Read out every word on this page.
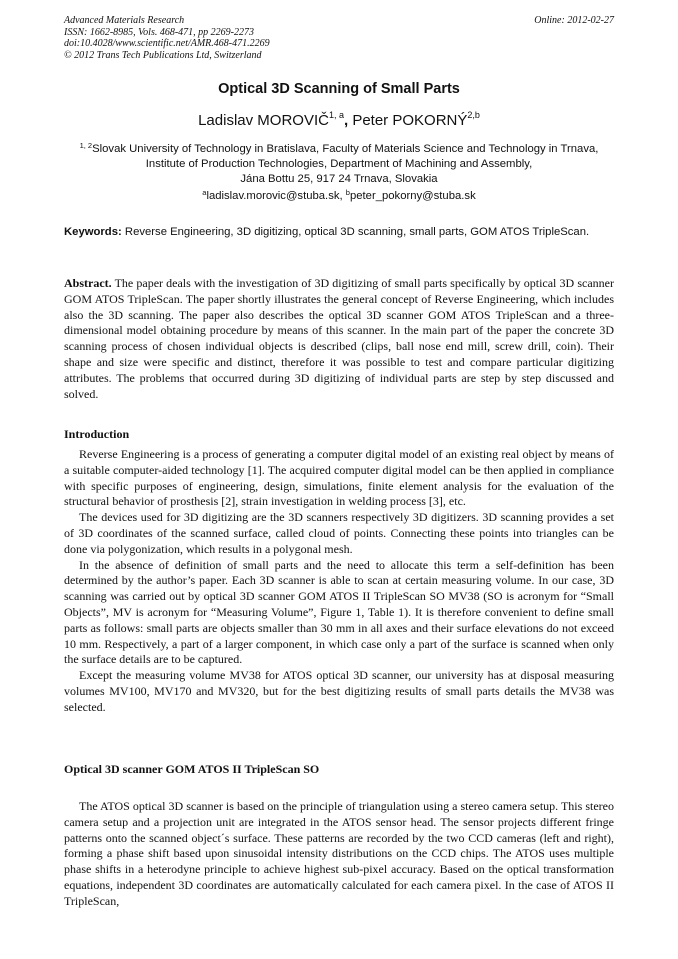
Advanced Materials Research
ISSN: 1662-8985, Vols. 468-471, pp 2269-2273
doi:10.4028/www.scientific.net/AMR.468-471.2269
© 2012 Trans Tech Publications Ltd, Switzerland
Online: 2012-02-27
Optical 3D Scanning of Small Parts
Ladislav MOROVIČ$^{1, a}$, Peter POKORNÝ$^{2,b}$
$^{1, 2}$Slovak University of Technology in Bratislava, Faculty of Materials Science and Technology in Trnava, Institute of Production Technologies, Department of Machining and Assembly,
Jána Bottu 25, 917 24 Trnava, Slovakia
$^a$ladislav.morovic@stuba.sk, $^b$peter_pokorny@stuba.sk
Keywords: Reverse Engineering, 3D digitizing, optical 3D scanning, small parts, GOM ATOS TripleScan.

Abstract. The paper deals with the investigation of 3D digitizing of small parts specifically by optical 3D scanner GOM ATOS TripleScan. The paper shortly illustrates the general concept of Reverse Engineering, which includes also the 3D scanning. The paper also describes the optical 3D scanner GOM ATOS TripleScan and a three-dimensional model obtaining procedure by means of this scanner. In the main part of the paper the concrete 3D scanning process of chosen individual objects is described (clips, ball nose end mill, screw drill, coin). Their shape and size were specific and distinct, therefore it was possible to test and compare particular digitizing attributes. The problems that occurred during 3D digitizing of individual parts are step by step discussed and solved.

Introduction

Reverse Engineering is a process of generating a computer digital model of an existing real object by means of a suitable computer-aided technology [1]. The acquired computer digital model can be then applied in compliance with specific purposes of engineering, design, simulations, finite element analysis for the evaluation of the structural behavior of prosthesis [2], strain investigation in welding process [3], etc.

The devices used for 3D digitizing are the 3D scanners respectively 3D digitizers. 3D scanning provides a set of 3D coordinates of the scanned surface, called cloud of points. Connecting these points into triangles can be done via polygonization, which results in a polygonal mesh.

In the absence of definition of small parts and the need to allocate this term a self-definition has been determined by the author’s paper. Each 3D scanner is able to scan at certain measuring volume. In our case, 3D scanning was carried out by optical 3D scanner GOM ATOS II TripleScan SO MV38 (SO is acronym for “Small Objects”, MV is acronym for “Measuring Volume”, Figure 1, Table 1). It is therefore convenient to define small parts as follows: small parts are objects smaller than 30 mm in all axes and their surface elevations do not exceed 10 mm. Respectively, a part of a larger component, in which case only a part of the surface is scanned when only the surface details are to be captured.

Except the measuring volume MV38 for ATOS optical 3D scanner, our university has at disposal measuring volumes MV100, MV170 and MV320, but for the best digitizing results of small parts details the MV38 was selected.

Optical 3D scanner GOM ATOS II TripleScan SO

The ATOS optical 3D scanner is based on the principle of triangulation using a stereo camera setup. This stereo camera setup and a projection unit are integrated in the ATOS sensor head. The sensor projects different fringe patterns onto the scanned object´s surface. These patterns are recorded by the two CCD cameras (left and right), forming a phase shift based upon sinusoidal intensity distributions on the CCD chips. The ATOS uses multiple phase shifts in a heterodyne principle to achieve highest sub-pixel accuracy. Based on the optical transformation equations, independent 3D coordinates are automatically calculated for each camera pixel. In the case of ATOS II TripleScan,
